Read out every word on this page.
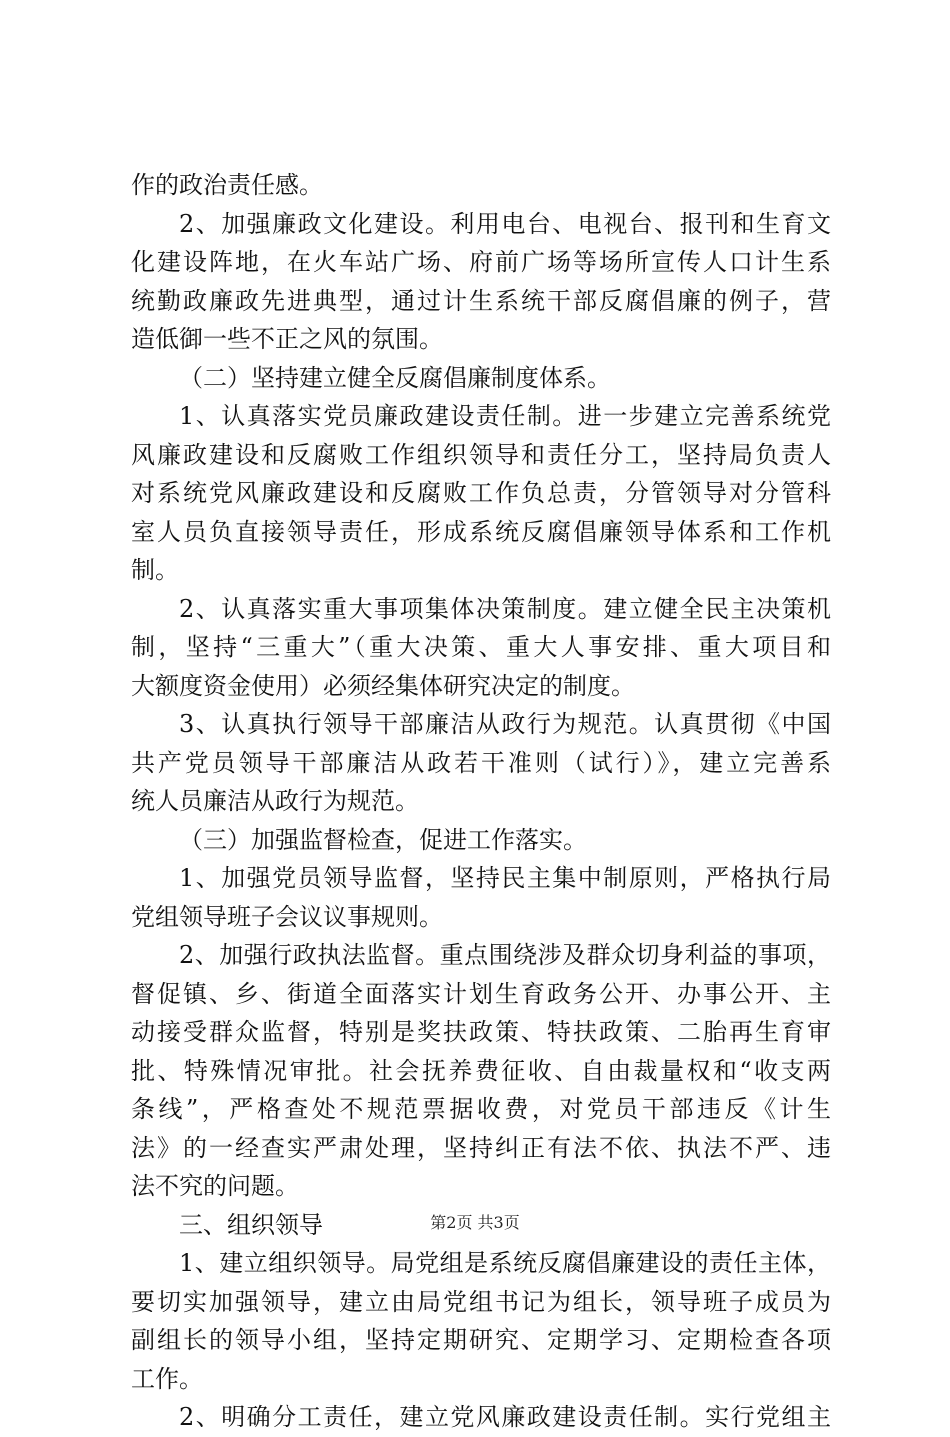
作的政治责任感。
2、加强廉政文化建设。利用电台、电视台、报刊和生育文
化建设阵地，在火车站广场、府前广场等场所宣传人口计生系
统勤政廉政先进典型，通过计生系统干部反腐倡廉的例子，营
造低御一些不正之风的氛围。
（二）坚持建立健全反腐倡廉制度体系。
1、认真落实党员廉政建设责任制。进一步建立完善系统党
风廉政建设和反腐败工作组织领导和责任分工，坚持局负责人
对系统党风廉政建设和反腐败工作负总责，分管领导对分管科
室人员负直接领导责任，形成系统反腐倡廉领导体系和工作机
制。
2、认真落实重大事项集体决策制度。建立健全民主决策机
制，坚持“三重大”（重大决策、重大人事安排、重大项目和
大额度资金使用）必须经集体研究决定的制度。
3、认真执行领导干部廉洁从政行为规范。认真贯彻《中国
共产党员领导干部廉洁从政若干准则（试行）》，建立完善系
统人员廉洁从政行为规范。
（三）加强监督检查，促进工作落实。
1、加强党员领导监督，坚持民主集中制原则，严格执行局
党组领导班子会议议事规则。
2、加强行政执法监督。重点围绕涉及群众切身利益的事项，
督促镇、乡、街道全面落实计划生育政务公开、办事公开、主
动接受群众监督，特别是奖扶政策、特扶政策、二胎再生育审
批、特殊情况审批。社会抚养费征收、自由裁量权和“收支两
条线”，严格查处不规范票据收费，对党员干部违反《计生
法》的一经查实严肃处理，坚持纠正有法不依、执法不严、违
法不究的问题。
三、组织领导
1、建立组织领导。局党组是系统反腐倡廉建设的责任主体，
要切实加强领导，建立由局党组书记为组长，领导班子成员为
副组长的领导小组，坚持定期研究、定期学习、定期检查各项
工作。
2、明确分工责任，建立党风廉政建设责任制。实行党组主
第2页 共3页
